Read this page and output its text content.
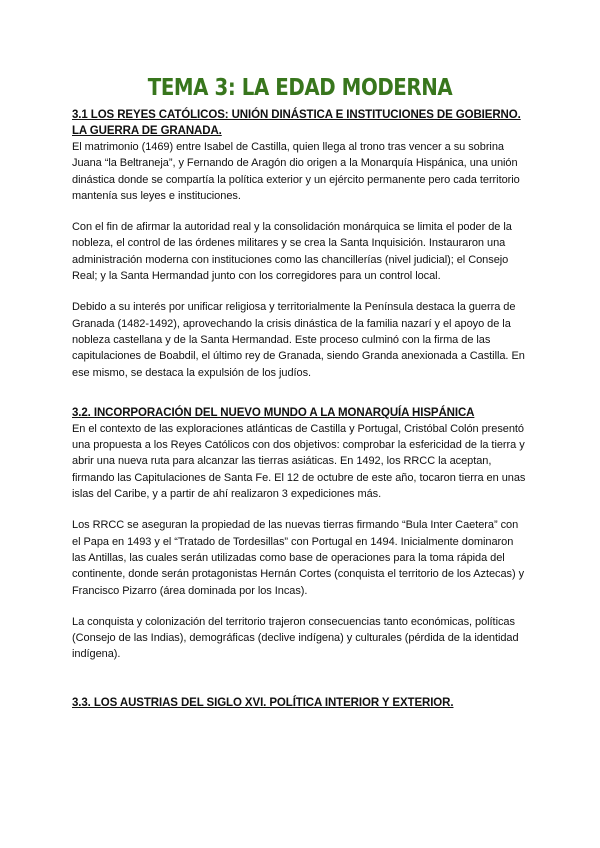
TEMA 3: LA EDAD MODERNA
3.1 LOS REYES CATÓLICOS: UNIÓN DINÁSTICA E INSTITUCIONES DE GOBIERNO. LA GUERRA DE GRANADA.

El matrimonio (1469) entre Isabel de Castilla, quien llega al trono tras vencer a su sobrina Juana “la Beltraneja”, y Fernando de Aragón dio origen a la Monarquía Hispánica, una unión dinástica donde se compartía la política exterior y un ejército permanente pero cada territorio mantenía sus leyes e instituciones.

Con el fin de afirmar la autoridad real y la consolidación monárquica se limita el poder de la nobleza, el control de las órdenes militares y se crea la Santa Inquisición. Instauraron una administración moderna con instituciones como las chancillerías (nivel judicial); el Consejo Real; y la Santa Hermandad junto con los corregidores para un control local.

Debido a su interés por unificar religiosa y territorialmente la Península destaca la guerra de Granada (1482-1492), aprovechando la crisis dinástica de la familia nazarí y el apoyo de la nobleza castellana y de la Santa Hermandad. Este proceso culminó con la firma de las capitulaciones de Boabdil, el último rey de Granada, siendo Granda anexionada a Castilla. En ese mismo, se destaca la expulsión de los judíos.

3.2. INCORPORACIÓN DEL NUEVO MUNDO A LA MONARQUÍA HISPÁNICA

En el contexto de las exploraciones atlánticas de Castilla y Portugal, Cristóbal Colón presentó una propuesta a los Reyes Católicos con dos objetivos: comprobar la esfericidad de la tierra y abrir una nueva ruta para alcanzar las tierras asiáticas. En 1492, los RRCC la aceptan, firmando las Capitulaciones de Santa Fe. El 12 de octubre de este año, tocaron tierra en unas islas del Caribe, y a partir de ahí realizaron 3 expediciones más.

Los RRCC se aseguran la propiedad de las nuevas tierras firmando “Bula Inter Caetera” con el Papa en 1493 y el “Tratado de Tordesillas” con Portugal en 1494. Inicialmente dominaron las Antillas, las cuales serán utilizadas como base de operaciones para la toma rápida del continente, donde serán protagonistas Hernán Cortes (conquista el territorio de los Aztecas) y Francisco Pizarro (área dominada por los Incas).

La conquista y colonización del territorio trajeron consecuencias tanto económicas, políticas (Consejo de las Indias), demográficas (declive indígena) y culturales (pérdida de la identidad indígena).

3.3. LOS AUSTRIAS DEL SIGLO XVI. POLÍTICA INTERIOR Y EXTERIOR.
